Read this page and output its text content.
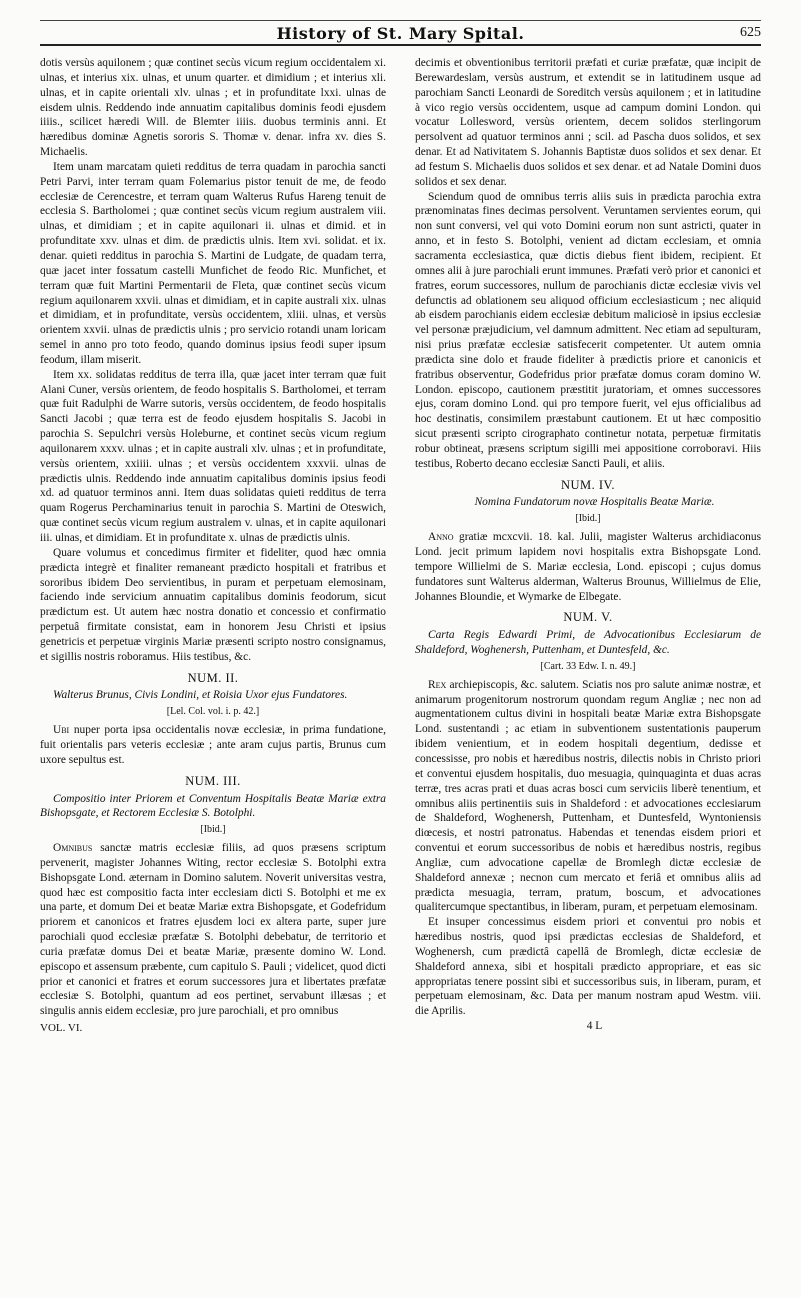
History of St. Mary Spital.	625

dotis versùs aquilonem ; quæ continet secùs vicum regium occidentalem xi. ulnas, et interius xix. ulnas, et unum quarter. et dimidium ; et interius xli. ulnas, et in capite orientali xlv. ulnas ; et in profunditate lxxi. ulnas de eisdem ulnis. Reddendo inde annuatim capitalibus dominis feodi ejusdem iiiis., scilicet hæredi Will. de Blemter iiiis. duobus terminis anni. Et hæredibus dominæ Agnetis sororis S. Thomæ v. denar. infra xv. dies S. Michaelis.

Item unam marcatam quieti redditus de terra quadam in parochia sancti Petri Parvi, inter terram quam Folemarius pistor tenuit de me, de feodo ecclesiæ de Cerencestre, et terram quam Walterus Rufus Hareng tenuit de ecclesia S. Bartholomei ; quæ continet secùs vicum regium australem viii. ulnas, et dimidiam ; et in capite aquilonari ii. ulnas et dimid. et in profunditate xxv. ulnas et dim. de prædictis ulnis. Item xvi. solidat. et ix. denar. quieti redditus in parochia S. Martini de Ludgate, de quadam terra, quæ jacet inter fossatum castelli Munfichet de feodo Ric. Munfichet, et terram quæ fuit Martini Permentarii de Fleta, quæ continet secùs vicum regium aquilonarem xxvii. ulnas et dimidiam, et in capite australi xix. ulnas et dimidiam, et in profunditate, versùs occidentem, xliii. ulnas, et versùs orientem xxvii. ulnas de prædictis ulnis ; pro servicio rotandi unam loricam semel in anno pro toto feodo, quando dominus ipsius feodi super ipsum feodum, illam miserit.

Item xx. solidatas redditus de terra illa, quæ jacet inter terram quæ fuit Alani Cuner, versùs orientem, de feodo hospitalis S. Bartholomei, et terram quæ fuit Radulphi de Warre sutoris, versùs occidentem, de feodo hospitalis Sancti Jacobi ; quæ terra est de feodo ejusdem hospitalis S. Jacobi in parochia S. Sepulchri versùs Holeburne, et continet secùs vicum regium aquilonarem xxxv. ulnas ; et in capite australi xlv. ulnas ; et in profunditate, versùs orientem, xxiiii. ulnas ; et versùs occidentem xxxvii. ulnas de prædictis ulnis. Reddendo inde annuatim capitalibus dominis ipsius feodi xd. ad quatuor terminos anni. Item duas solidatas quieti redditus de terra quam Rogerus Perchaminarius tenuit in parochia S. Martini de Oteswich, quæ continet secùs vicum regium australem v. ulnas, et in capite aquilonari iii. ulnas, et dimidiam. Et in profunditate x. ulnas de prædictis ulnis.

Quare volumus et concedimus firmiter et fideliter, quod hæc omnia prædicta integrè et finaliter remaneant prædicto hospitali et fratribus et sororibus ibidem Deo servientibus, in puram et perpetuam elemosinam, faciendo inde servicium annuatim capitalibus dominis feodorum, sicut prædictum est. Ut autem hæc nostra donatio et concessio et confirmatio perpetuâ firmitate consistat, eam in honorem Jesu Christi et ipsius genetricis et perpetuæ virginis Mariæ præsenti scripto nostro consignamus, et sigillis nostris roboramus. Hiis testibus, &c.

NUM. II.

Walterus Brunus, Civis Londini, et Roisia Uxor ejus Fundatores.

[Lel. Col. vol. i. p. 42.]

Ubi nuper porta ipsa occidentalis novæ ecclesiæ, in prima fundatione, fuit orientalis pars veteris ecclesiæ ; ante aram cujus partis, Brunus cum uxore sepultus est.

NUM. III.

Compositio inter Priorem et Conventum Hospitalis Beatæ Mariæ extra Bishopsgate, et Rectorem Ecclesiæ S. Botolphi.

[Ibid.]

Omnibus sanctæ matris ecclesiæ filiis, ad quos præsens scriptum pervenerit, magister Johannes Witing, rector ecclesiæ S. Botolphi extra Bishopsgate Lond. æternam in Domino salutem. Noverit universitas vestra, quod hæc est compositio facta inter ecclesiam dicti S. Botolphi et me ex una parte, et domum Dei et beatæ Mariæ extra Bishopsgate, et Godefridum priorem et canonicos et fratres ejusdem loci ex altera parte, super jure parochiali quod ecclesiæ præfatæ S. Botolphi debebatur, de territorio et curia præfatæ domus Dei et beatæ Mariæ, præsente domino W. Lond. episcopo et assensum præbente, cum capitulo S. Pauli ; videlicet, quod dicti prior et canonici et fratres et eorum successores jura et libertates præfatæ ecclesiæ S. Botolphi, quantum ad eos pertinet, servabunt illæsas ; et singulis annis eidem ecclesiæ, pro jure parochiali, et pro omnibus

VOL. VI.

decimis et obventionibus territorii præfati et curiæ præfatæ, quæ incipit de Berewardeslam, versùs austrum, et extendit se in latitudinem usque ad parochiam Sancti Leonardi de Soreditch versùs aquilonem ; et in latitudine à vico regio versùs occidentem, usque ad campum domini London. qui vocatur Lollesword, versùs orientem, decem solidos sterlingorum persolvent ad quatuor terminos anni ; scil. ad Pascha duos solidos, et sex denar. Et ad Nativitatem S. Johannis Baptistæ duos solidos et sex denar. Et ad festum S. Michaelis duos solidos et sex denar. et ad Natale Domini duos solidos et sex denar.

Sciendum quod de omnibus terris aliis suis in prædicta parochia extra prænominatas fines decimas persolvent. Veruntamen servientes eorum, qui non sunt conversi, vel qui voto Domini eorum non sunt astricti, quater in anno, et in festo S. Botolphi, venient ad dictam ecclesiam, et omnia sacramenta ecclesiastica, quæ dictis diebus fient ibidem, recipient. Et omnes alii à jure parochiali erunt immunes. Præfati verò prior et canonici et fratres, eorum successores, nullum de parochianis dictæ ecclesiæ vivis vel defunctis ad oblationem seu aliquod officium ecclesiasticum ; nec aliquid ab eisdem parochianis eidem ecclesiæ debitum maliciosè in ipsius ecclesiæ vel personæ præjudicium, vel damnum admittent. Nec etiam ad sepulturam, nisi prius præfatæ ecclesiæ satisfecerit competenter. Ut autem omnia prædicta sine dolo et fraude fideliter à prædictis priore et canonicis et fratribus observentur, Godefridus prior præfatæ domus coram domino W. London. episcopo, cautionem præstitit juratoriam, et omnes successores ejus, coram domino Lond. qui pro tempore fuerit, vel ejus officialibus ad hoc destinatis, consimilem præstabunt cautionem. Et ut hæc compositio sicut præsenti scripto cirographato continetur notata, perpetuæ firmitatis robur obtineat, præsens scriptum sigilli mei appositione corroboravi. Hiis testibus, Roberto decano ecclesiæ Sancti Pauli, et aliis.

NUM. IV.

Nomina Fundatorum novæ Hospitalis Beatæ Mariæ.

[Ibid.]

Anno gratiæ mcxcvii. 18. kal. Julii, magister Walterus archidiaconus Lond. jecit primum lapidem novi hospitalis extra Bishopsgate Lond. tempore Willielmi de S. Mariæ ecclesia, Lond. episcopi ; cujus domus fundatores sunt Walterus alderman, Walterus Brounus, Willielmus de Elie, Johannes Bloundie, et Wymarke de Elbegate.

NUM. V.

Carta Regis Edwardi Primi, de Advocationibus Ecclesiarum de Shaldeford, Woghenersh, Puttenham, et Duntesfeld, &c.

[Cart. 33 Edw. I. n. 49.]

Rex archiepiscopis, &c. salutem. Sciatis nos pro salute animæ nostræ, et animarum progenitorum nostrorum quondam regum Angliæ ; nec non ad augmentationem cultus divini in hospitali beatæ Mariæ extra Bishopsgate Lond. sustentandi ; ac etiam in subventionem sustentationis pauperum ibidem venientium, et in eodem hospitali degentium, dedisse et concessisse, pro nobis et hæredibus nostris, dilectis nobis in Christo priori et conventui ejusdem hospitalis, duo mesuagia, quinquaginta et duas acras terræ, tres acras prati et duas acras bosci cum serviciis liberè tenentium, et omnibus aliis pertinentiis suis in Shaldeford : et advocationes ecclesiarum de Shaldeford, Woghenersh, Puttenham, et Duntesfeld, Wyntoniensis diœcesis, et nostri patronatus. Habendas et tenendas eisdem priori et conventui et eorum successoribus de nobis et hæredibus nostris, regibus Angliæ, cum advocatione capellæ de Bromlegh dictæ ecclesiæ de Shaldeford annexæ ; necnon cum mercato et feriâ et omnibus aliis ad prædicta mesuagia, terram, pratum, boscum, et advocationes qualitercumque spectantibus, in liberam, puram, et perpetuam elemosinam.

Et insuper concessimus eisdem priori et conventui pro nobis et hæredibus nostris, quod ipsi prædictas ecclesias de Shaldeford, et Woghenersh, cum prædictâ capellâ de Bromlegh, dictæ ecclesiæ de Shaldeford annexa, sibi et hospitali prædicto appropriare, et eas sic appropriatas tenere possint sibi et successoribus suis, in liberam, puram, et perpetuam elemosinam, &c. Data per manum nostram apud Westm. viii. die Aprilis.

4 L
